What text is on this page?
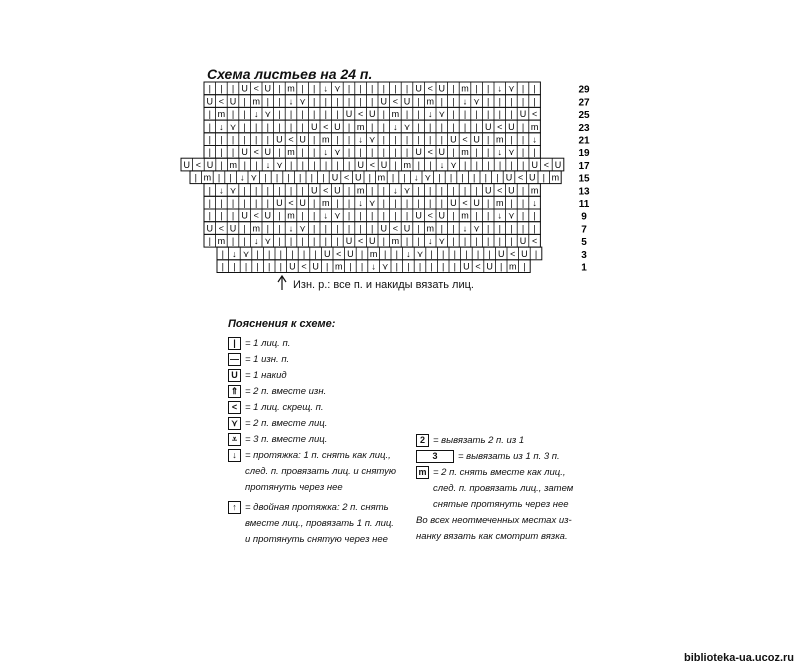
Схема листьев на 24 п.
| | | U < U | m | | ↓ ⋎ | | | | | | U < U | m | | ↓ ⋎ | |	29
U < U | m | | ↓ ⋎ | | | | | | U < U | m | | ↓ ⋎ | | | | |	27
| m | | ↓ ⋎ | | | | | | U < U | m | | ↓ ⋎ | | | | | | U <	25
| ↓ ⋎ | | | | | | U < U | m | | ↓ ⋎ | | | | | | U < U | m	23
| | | | | | U < U | m | | ↓ ⋎ | | | | | | U < U | m | | ↓	21
| | | U < U | m | | ↓ ⋎ | | | | | | U < U | m | | ↓ ⋎ | |	19
U < U | m | | ↓ ⋎ | | | | | | U < U | m | | ↓ ⋎ | | | | | | U < U 17
| m | | ↓ ⋎ | | | | | | U < U | m | | ↓ ⋎ | | | | | | U < U | m 15
| ↓ ⋎ | | | | | | U < U | m | | ↓ ⋎ | | | | | | U < U | m	13
| | | | | | U < U | m | | ↓ ⋎ | | | | | | U < U | m | | ↓	11
| | | U < U | m | | ↓ ⋎ | | | | | | U < U | m | | ↓ ⋎ | |	9
U < U | m | | ↓ ⋎ | | | | | | U < U | m | | ↓ ⋎ | | | | |	7
| m | | ↓ ⋎ | | | | | | U < U | m | | ↓ ⋎ | | | | | | U <	5
| ↓ ⋎ | | | | | | U < U | m | | ↓ ⋎ | | | | | | U < U |	3
| | | | | | U < U | m | | ↓ ⋎ | | | | | | U < U | m |	1
Изн. р.: все п. и накиды вязать лиц.
Пояснения к схеме:
| = 1 лиц. п.
— = 1 изн. п.
U = 1 накид
⇑ = 2 п. вместе изн.
< = 1 лиц. скрещ. п.
⋎ = 2 п. вместе лиц.
⩡ = 3 п. вместе лиц.
↓ = протяжка: 1 п. снять как лиц.,
след. п. провязать лиц. и снятую
протянуть через нее
↑ = двойная протяжка: 2 п. снять
вместе лиц., провязать 1 п. лиц.
и протянуть снятую через нее
2 = вывязать 2 п. из 1
3 = вывязать из 1 п. 3 п.
m = 2 п. снять вместе как лиц.,
след. п. провязать лиц., затем
снятые протянуть через нее
Во всех неотмеченных местах из-
нанку вязать как смотрит вязка.
biblioteka-ua.ucoz.ru
